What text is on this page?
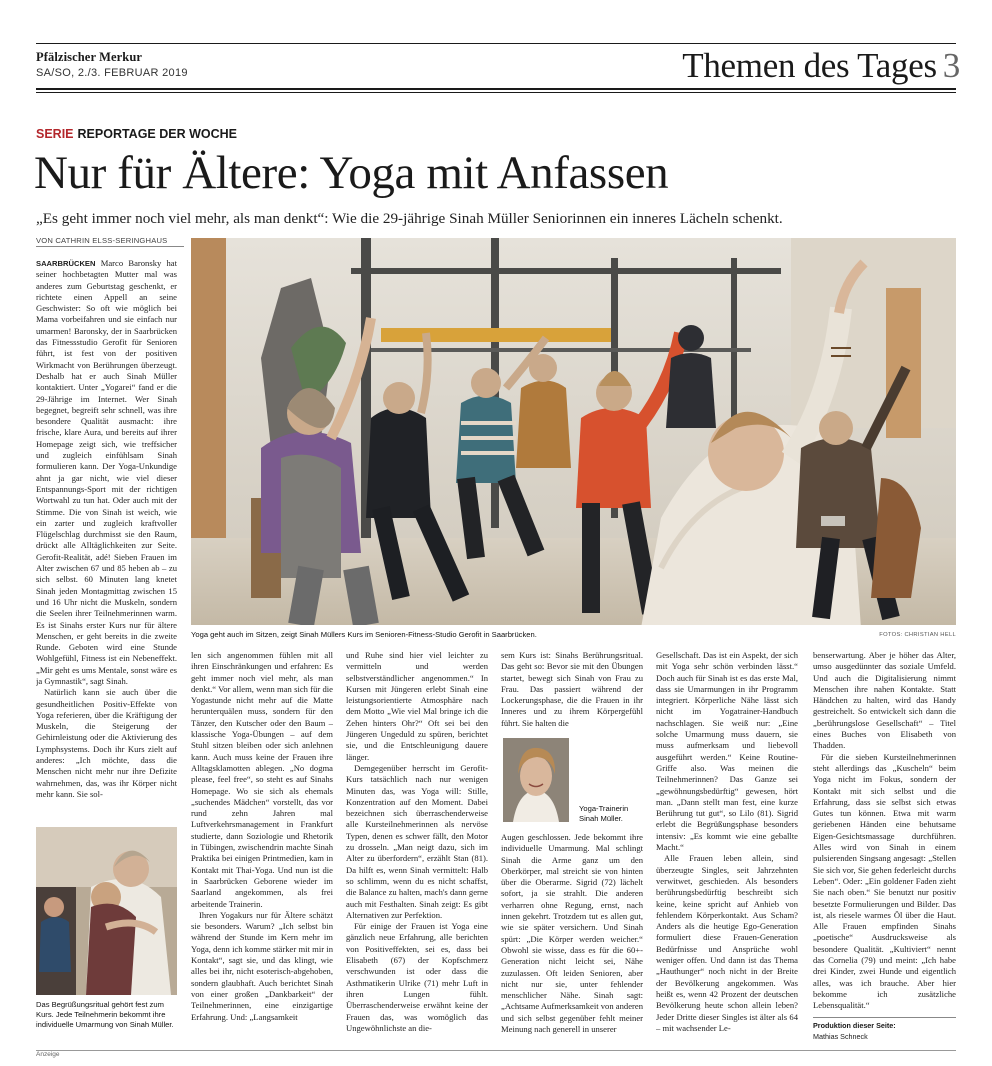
Pfälzischer Merkur
SA/SO, 2./3. FEBRUAR 2019	Themen des Tages 3
SERIE REPORTAGE DER WOCHE
Nur für Ältere: Yoga mit Anfassen
„Es geht immer noch viel mehr, als man denkt“: Wie die 29-jährige Sinah Müller Seniorinnen ein inneres Lächeln schenkt.
VON CATHRIN ELSS-SERINGHAUS
Yoga geht auch im Sitzen, zeigt Sinah Müllers Kurs im Senioren-Fitness-Studio Gerofit in Saarbrücken.	FOTOS: CHRISTIAN HELL

SAARBRÜCKEN Marco Baronsky hat seiner hochbetagten Mutter mal was anderes zum Geburtstag geschenkt, er richtete einen Appell an seine Geschwister: So oft wie möglich bei Mama vorbeifahren und sie einfach nur umarmen! Baronsky, der in Saarbrücken das Fitnessstudio Gerofit für Senioren führt, ist fest von der positiven Wirkmacht von Berührungen überzeugt. Deshalb hat er auch Sinah Müller kontaktiert. Unter „Yogarei“ fand er die 29-Jährige im Internet. Wer Sinah begegnet, begreift sehr schnell, was ihre besondere Qualität ausmacht: ihre frische, klare Aura, und bereits auf ihrer Homepage zeigt sich, wie treffsicher und zugleich einfühlsam Sinah formulieren kann. Der Yoga-Unkundige ahnt ja gar nicht, wie viel dieser Entspannungs-Sport mit der richtigen Wortwahl zu tun hat. Oder auch mit der Stimme. Die von Sinah ist weich, wie ein zarter und zugleich kraftvoller Flügelschlag durchmisst sie den Raum, drückt alle Alltäglichkeiten zur Seite. Gerofit-Realität, adé! Sieben Frauen im Alter zwischen 67 und 85 heben ab – zu sich selbst. 60 Minuten lang knetet Sinah jeden Montagmittag zwischen 15 und 16 Uhr nicht die Muskeln, sondern die Seelen ihrer Teilnehmerinnen warm. Es ist Sinahs erster Kurs nur für ältere Menschen, er geht bereits in die zweite Runde. Geboten wird eine Stunde Wohlgefühl, Fitness ist ein Nebeneffekt. „Mir geht es ums Mentale, sonst wäre es ja Gymnastik“, sagt Sinah.

Natürlich kann sie auch über die gesundheitlichen Positiv-Effekte von Yoga referieren, über die Kräftigung der Muskeln, die Steigerung der Gehirnleistung oder die Aktivierung des Lymphsystems. Doch ihr Kurs zielt auf anderes: „Ich möchte, dass die Menschen nicht mehr nur ihre Defizite wahrnehmen, das, was ihr Körper nicht mehr kann. Sie sol-

Das Begrüßungsritual gehört fest zum Kurs. Jede Teilnehmerin bekommt ihre individuelle Umarmung von Sinah Müller.

len sich angenommen fühlen mit all ihren Einschränkungen und erfahren: Es geht immer noch viel mehr, als man denkt.“ Vor allem, wenn man sich für die Yogastunde nicht mehr auf die Matte herunterquälen muss, sondern für den Tänzer, den Kutscher oder den Baum – klassische Yoga-Übungen – auf dem Stuhl sitzen bleiben oder sich anlehnen kann. Auch muss keine der Frauen ihre Alltagsklamotten ablegen. „No dogma please, feel free“, so steht es auf Sinahs Homepage. Wo sie sich als ehemals „suchendes Mädchen“ vorstellt, das vor rund zehn Jahren mal Luftverkehrsmanagement in Frankfurt studierte, dann Soziologie und Rhetorik in Tübingen, zwischendrin machte Sinah Praktika bei einigen Printmedien, kam in Kontakt mit Thai-Yoga. Und nun ist die in Saarbrücken Geborene wieder im Saarland angekommen, als frei arbeitende Trainerin.

Ihren Yogakurs nur für Ältere schätzt sie besonders. Warum? „Ich selbst bin während der Stunde im Kern mehr im Yoga, denn ich komme stärker mit mir in Kontakt“, sagt sie, und das klingt, wie alles bei ihr, nicht esoterisch-abgehoben, sondern glaubhaft. Auch berichtet Sinah von einer großen „Dankbarkeit“ der Teilnehmerinnen, eine einzigartige Erfahrung. Und: „Langsamkeit

und Ruhe sind hier viel leichter zu vermitteln und werden selbstverständlicher angenommen.“ In Kursen mit Jüngeren erlebt Sinah eine leistungsorientierte Atmosphäre nach dem Motto „Wie viel Mal bringe ich die Zehen hinters Ohr?“ Oft sei bei den Jüngeren Ungeduld zu spüren, berichtet sie, und die Entschleunigung dauere länger.

Demgegenüber herrscht im Gerofit-Kurs tatsächlich nach nur wenigen Minuten das, was Yoga will: Stille, Konzentration auf den Moment. Dabei bezeichnen sich überraschenderweise alle Kursteilnehmerinnen als nervöse Typen, denen es schwer fällt, den Motor zu drosseln. „Man neigt dazu, sich im Alter zu überfordern“, erzählt Stan (81). Da hilft es, wenn Sinah vermittelt: Halb so schlimm, wenn du es nicht schaffst, die Balance zu halten, mach's dann gerne auch mit Festhalten. Sinah zeigt: Es gibt Alternativen zur Perfektion.

Für einige der Frauen ist Yoga eine gänzlich neue Erfahrung, alle berichten von Positiveffekten, sei es, dass bei Elisabeth (67) der Kopfschmerz verschwunden ist oder dass die Asthmatikerin Ulrike (71) mehr Luft in ihren Lungen fühlt. Überraschenderweise erwähnt keine der Frauen das, was womöglich das Ungewöhnlichste an die-

sem Kurs ist: Sinahs Berührungsritual. Das geht so: Bevor sie mit den Übungen startet, bewegt sich Sinah von Frau zu Frau. Das passiert während der Lockerungsphase, die die Frauen in ihr Inneres und zu ihrem Körpergefühl führt. Sie halten die

Yoga-Trainerin Sinah Müller.

Augen geschlossen. Jede bekommt ihre individuelle Umarmung. Mal schlingt Sinah die Arme ganz um den Oberkörper, mal streicht sie von hinten über die Oberarme. Sigrid (72) lächelt sofort, ja sie strahlt. Die anderen verharren ohne Regung, ernst, nach innen gekehrt. Trotzdem tut es allen gut, wie sie später versichern. Und Sinah spürt: „Die Körper werden weicher.“ Obwohl sie wisse, dass es für die 60+-Generation nicht leicht sei, Nähe zuzulassen. Oft leiden Senioren, aber nicht nur sie, unter fehlender menschlicher Nähe. Sinah sagt: „Achtsame Aufmerksamkeit von anderen und sich selbst gegenüber fehlt meiner Meinung nach generell in unserer

Gesellschaft. Das ist ein Aspekt, der sich mit Yoga sehr schön verbinden lässt.“ Doch auch für Sinah ist es das erste Mal, dass sie Umarmungen in ihr Programm integriert. Körperliche Nähe lässt sich nicht im Yogatrainer-Handbuch nachschlagen. Sie weiß nur: „Eine solche Umarmung muss dauern, sie muss aufmerksam und liebevoll ausgeführt werden.“ Keine Routine-Griffe also. Was meinen die Teilnehmerinnen? Das Ganze sei „gewöhnungsbedürftig“ gewesen, hört man. „Dann stellt man fest, eine kurze Berührung tut gut“, so Lilo (81). Sigrid erlebt die Begrüßungsphase besonders intensiv: „Es kommt wie eine geballte Macht.“

Alle Frauen leben allein, sind überzeugte Singles, seit Jahrzehnten verwitwet, geschieden. Als besonders berührungsbedürftig beschreibt sich keine, keine spricht auf Anhieb von fehlendem Körperkontakt. Aus Scham? Anders als die heutige Ego-Generation formuliert diese Frauen-Generation Bedürfnisse und Ansprüche wohl weniger offen. Und dann ist das Thema „Hauthunger“ noch nicht in der Breite der Bevölkerung angekommen. Was heißt es, wenn 42 Prozent der deutschen Bevölkerung heute schon allein leben? Jeder Dritte dieser Singles ist älter als 64 – mit wachsender Le-

benserwartung. Aber je höher das Alter, umso ausgedünnter das soziale Umfeld. Und auch die Digitalisierung nimmt Menschen ihre nahen Kontakte. Statt Händchen zu halten, wird das Handy gestreichelt. So entwickelt sich dann die „berührungslose Gesellschaft“ – Titel eines Buches von Elisabeth von Thadden.

Für die sieben Kursteilnehmerinnen steht allerdings das „Kuscheln“ beim Yoga nicht im Fokus, sondern der Kontakt mit sich selbst und die Erfahrung, dass sie selbst sich etwas Gutes tun können. Etwa mit warm geriebenen Händen eine behutsame Eigen-Gesichtsmassage durchführen. Alles wird von Sinah in einem pulsierenden Singsang angesagt: „Stellen Sie sich vor, Sie gehen federleicht durchs Leben“. Oder: „Ein goldener Faden zieht Sie nach oben.“ Sie benutzt nur positiv besetzte Formulierungen und Bilder. Das ist, als riesele warmes Öl über die Haut. Alle Frauen empfinden Sinahs „poetische“ Ausdrucksweise als besondere Qualität. „Kultiviert“ nennt das Cornelia (79) und meint: „Ich habe drei Kinder, zwei Hunde und eigentlich alles, was ich brauche. Aber hier bekomme ich zusätzliche Lebensqualität.“

Produktion dieser Seite:
Mathias Schneck
Anzeige
